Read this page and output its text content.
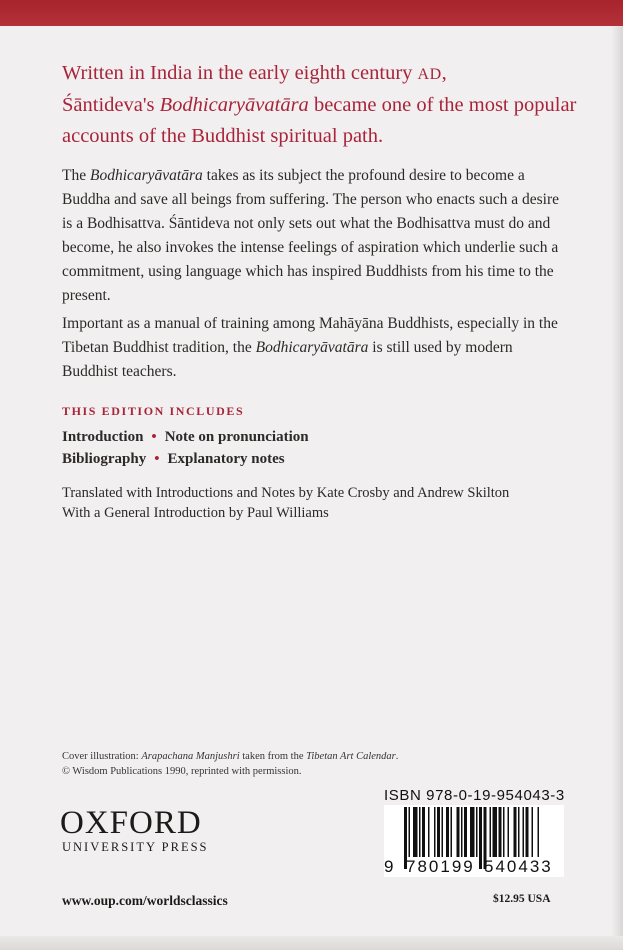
Written in India in the early eighth century AD,
Śāntideva's Bodhicaryāvatāra became one of the most popular accounts of the Buddhist spiritual path.

The Bodhicaryāvatāra takes as its subject the profound desire to become a Buddha and save all beings from suffering. The person who enacts such a desire is a Bodhisattva. Śāntideva not only sets out what the Bodhisattva must do and become, he also invokes the intense feelings of aspiration which underlie such a commitment, using language which has inspired Buddhists from his time to the present.

Important as a manual of training among Mahāyāna Buddhists, especially in the Tibetan Buddhist tradition, the Bodhicaryāvatāra is still used by modern Buddhist teachers.

THIS EDITION INCLUDES

Introduction • Note on pronunciation
Bibliography • Explanatory notes

Translated with Introductions and Notes by Kate Crosby and Andrew Skilton

With a General Introduction by Paul Williams

Cover illustration: Arapachana Manjushri taken from the Tibetan Art Calendar.
© Wisdom Publications 1990, reprinted with permission.

OXFORD
UNIVERSITY PRESS
ISBN 978-0-19-954043-3
9 780199 540433
www.oup.com/worldsclassics	$12.95 USA
